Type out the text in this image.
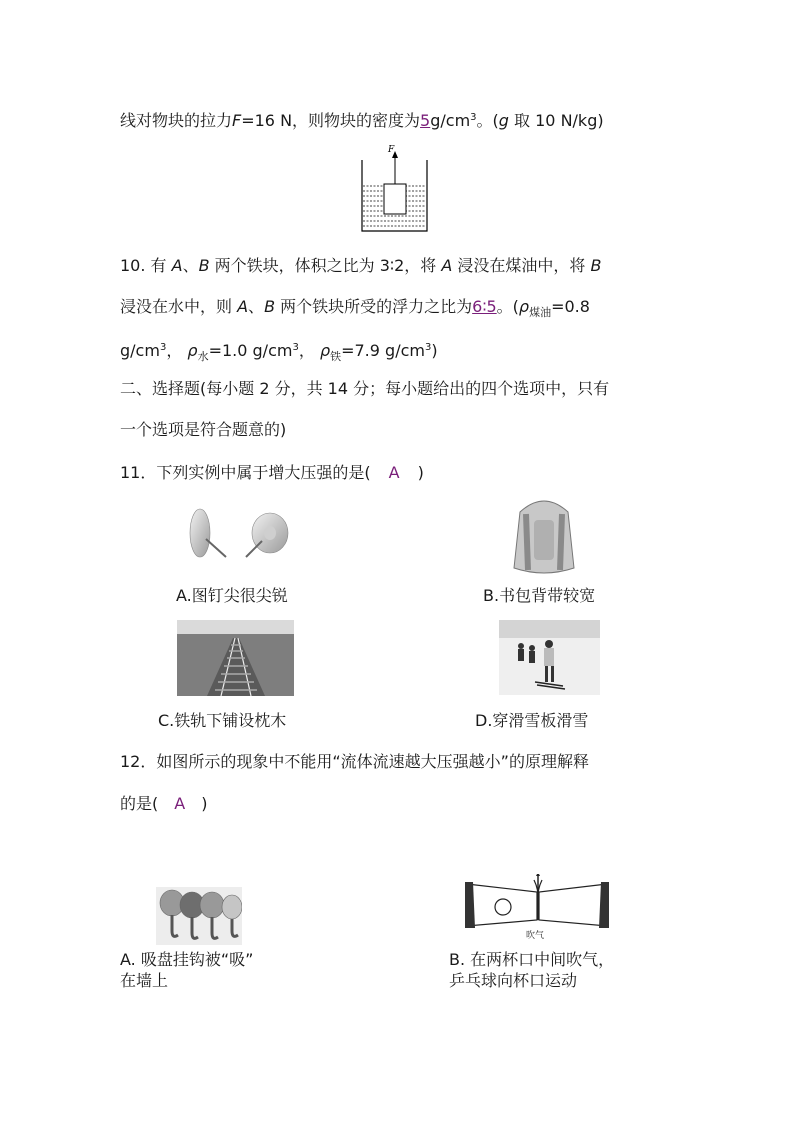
线对物块的拉力F=16 N，则物块的密度为$5g/cm^3$。(g 取 10 N/kg)
F
10. 有 A、B 两个铁块，体积之比为 3∶2，将 A 浸没在煤油中，将 B
浸没在水中，则 A、B 两个铁块所受的浮力之比为6∶5。($\rho_{煤油}=0.8$
$g/cm^3$， $\rho_水=1.0$ $g/cm^3$， $\rho_铁=7.9$ $g/cm^3$)
二、选择题(每小题 2 分，共 14 分；每小题给出的四个选项中，只有
一个选项是符合题意的)
11．下列实例中属于增大压强的是( A )
A.图钉尖很尖锐	B.书包背带较宽
C.铁轨下铺设枕木	D.穿滑雪板滑雪
12．如图所示的现象中不能用“流体流速越大压强越小”的原理解释
的是( A )
A. 吸盘挂钩被“吸”
在墙上
吹气
B. 在两杯口中间吹气，
乒乓球向杯口运动
